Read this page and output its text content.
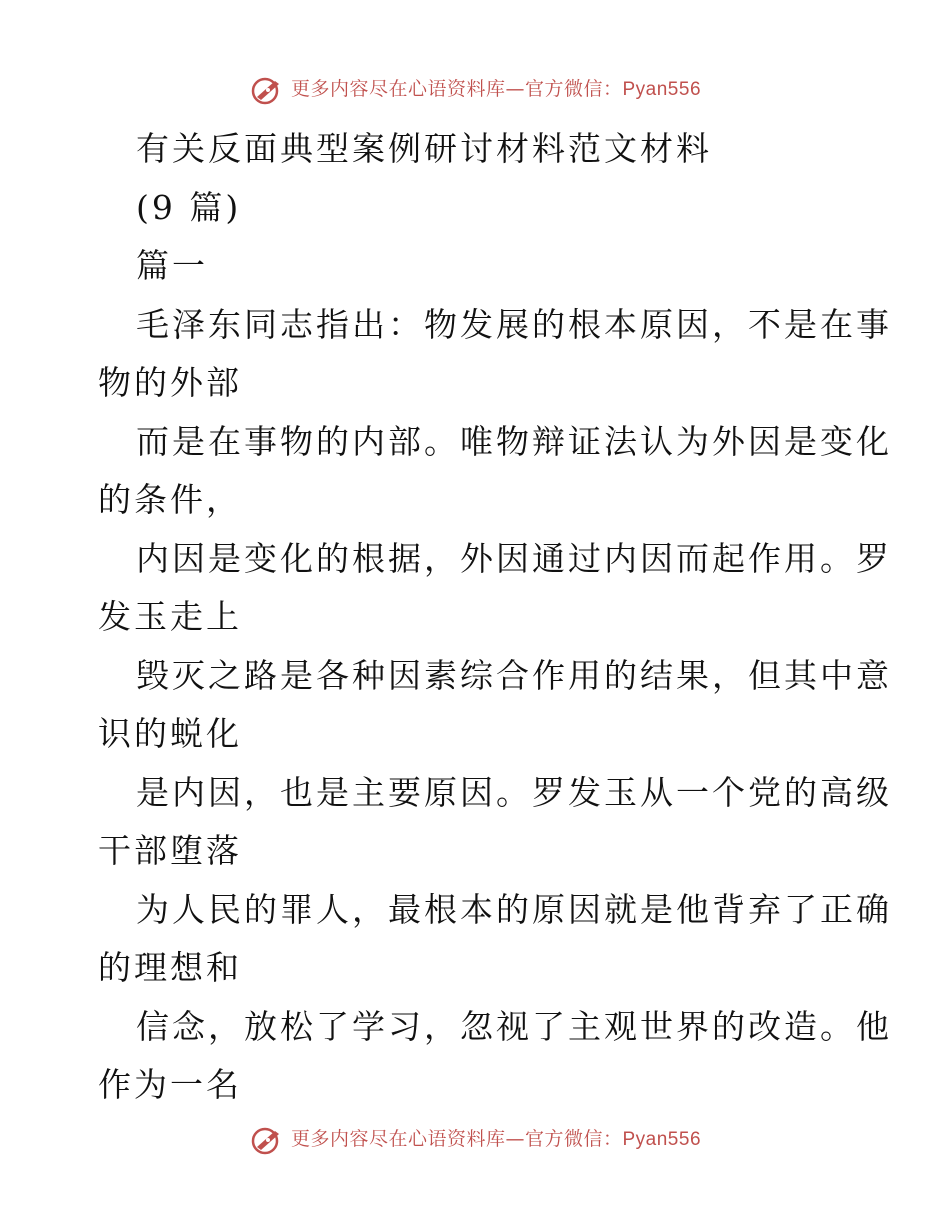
更多内容尽在心语资料库—官方微信：Pyan556
有关反面典型案例研讨材料范文材料
(9 篇)
篇一
毛泽东同志指出：物发展的根本原因，不是在事
物的外部
而是在事物的内部。唯物辩证法认为外因是变化
的条件，
内因是变化的根据，外因通过内因而起作用。罗
发玉走上
毁灭之路是各种因素综合作用的结果，但其中意
识的蜕化
是内因，也是主要原因。罗发玉从一个党的高级
干部堕落
为人民的罪人，最根本的原因就是他背弃了正确
的理想和
信念，放松了学习，忽视了主观世界的改造。他
作为一名
更多内容尽在心语资料库—官方微信：Pyan556
